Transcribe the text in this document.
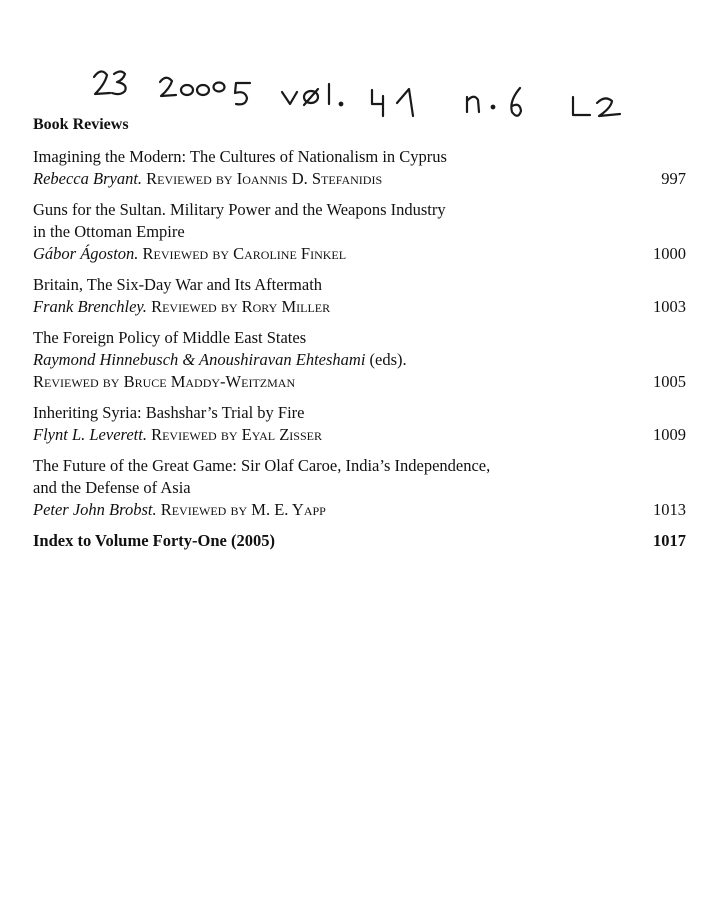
Book Reviews
Imagining the Modern: The Cultures of Nationalism in Cyprus
Rebecca Bryant. Reviewed by Ioannis D. Stefanidis	997
Guns for the Sultan. Military Power and the Weapons Industry
in the Ottoman Empire
Gábor Ágoston. Reviewed by Caroline Finkel	1000
Britain, The Six-Day War and Its Aftermath
Frank Brenchley. Reviewed by Rory Miller	1003
The Foreign Policy of Middle East States
Raymond Hinnebusch & Anoushiravan Ehteshami (eds).
Reviewed by Bruce Maddy-Weitzman	1005
Inheriting Syria: Bashshar’s Trial by Fire
Flynt L. Leverett. Reviewed by Eyal Zisser	1009
The Future of the Great Game: Sir Olaf Caroe, India’s Independence,
and the Defense of Asia
Peter John Brobst. Reviewed by M. E. Yapp	1013
Index to Volume Forty-One (2005)	1017
